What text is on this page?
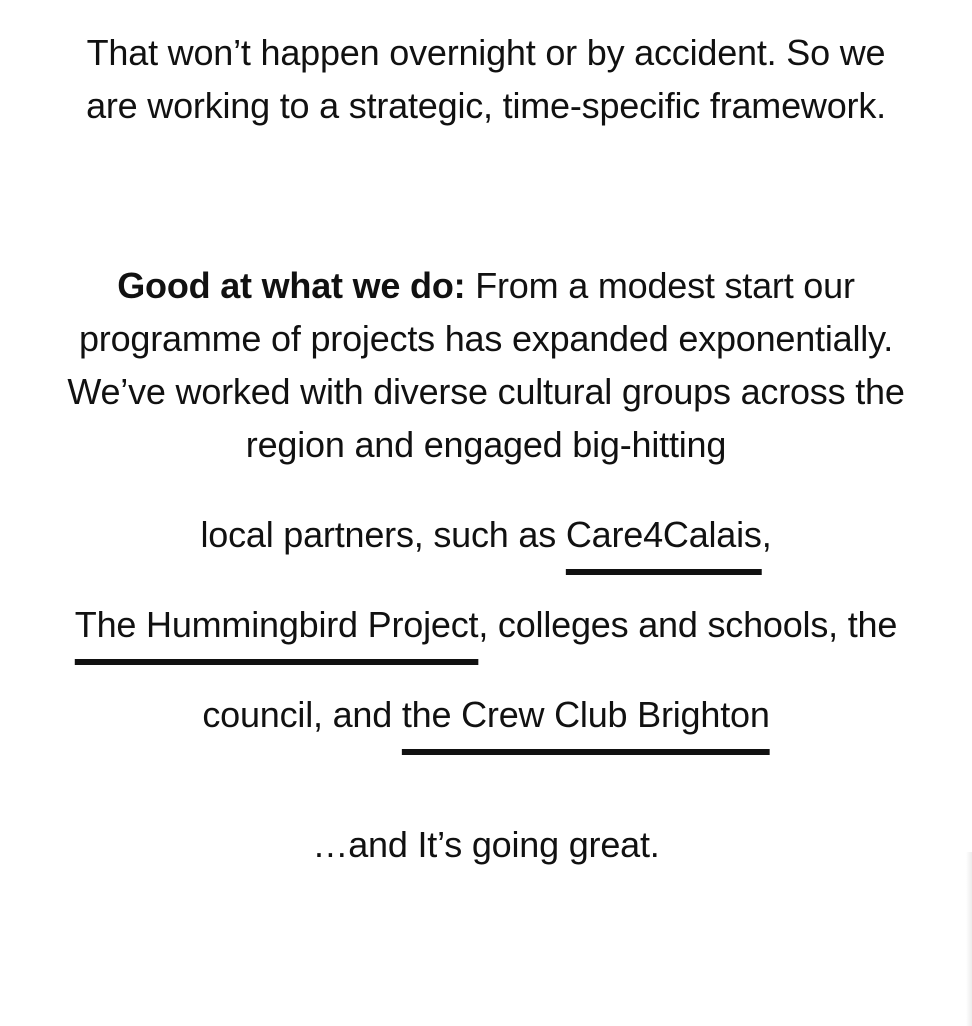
That won’t happen overnight or by accident. So we are working to a strategic, time-specific framework.

Good at what we do: From a modest start our programme of projects has expanded exponentially. We’ve worked with diverse cultural groups across the region and engaged big-hitting

local partners, such as Care4Calais,
The Hummingbird Project, colleges and schools, the council, and the Crew Club Brighton

…and It’s going great.
